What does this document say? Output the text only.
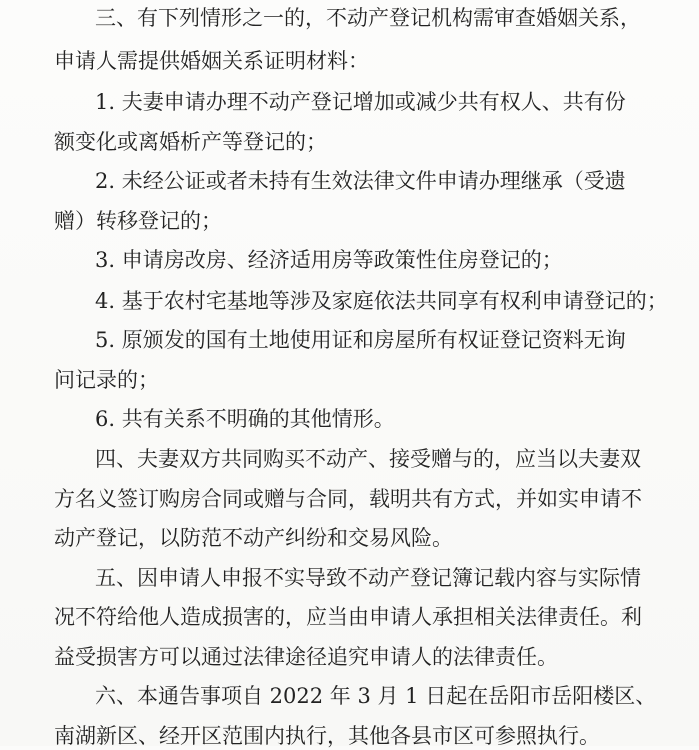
三、有下列情形之一的，不动产登记机构需审查婚姻关系，
申请人需提供婚姻关系证明材料：
1. 夫妻申请办理不动产登记增加或减少共有权人、共有份
额变化或离婚析产等登记的；
2. 未经公证或者未持有生效法律文件申请办理继承（受遗
赠）转移登记的；
3. 申请房改房、经济适用房等政策性住房登记的；
4. 基于农村宅基地等涉及家庭依法共同享有权利申请登记的；
5. 原颁发的国有土地使用证和房屋所有权证登记资料无询
问记录的；
6. 共有关系不明确的其他情形。
四、夫妻双方共同购买不动产、接受赠与的，应当以夫妻双
方名义签订购房合同或赠与合同，载明共有方式，并如实申请不
动产登记，以防范不动产纠纷和交易风险。
五、因申请人申报不实导致不动产登记簿记载内容与实际情
况不符给他人造成损害的，应当由申请人承担相关法律责任。利
益受损害方可以通过法律途径追究申请人的法律责任。
六、本通告事项自 2022 年 3 月 1 日起在岳阳市岳阳楼区、
南湖新区、经开区范围内执行，其他各县市区可参照执行。
